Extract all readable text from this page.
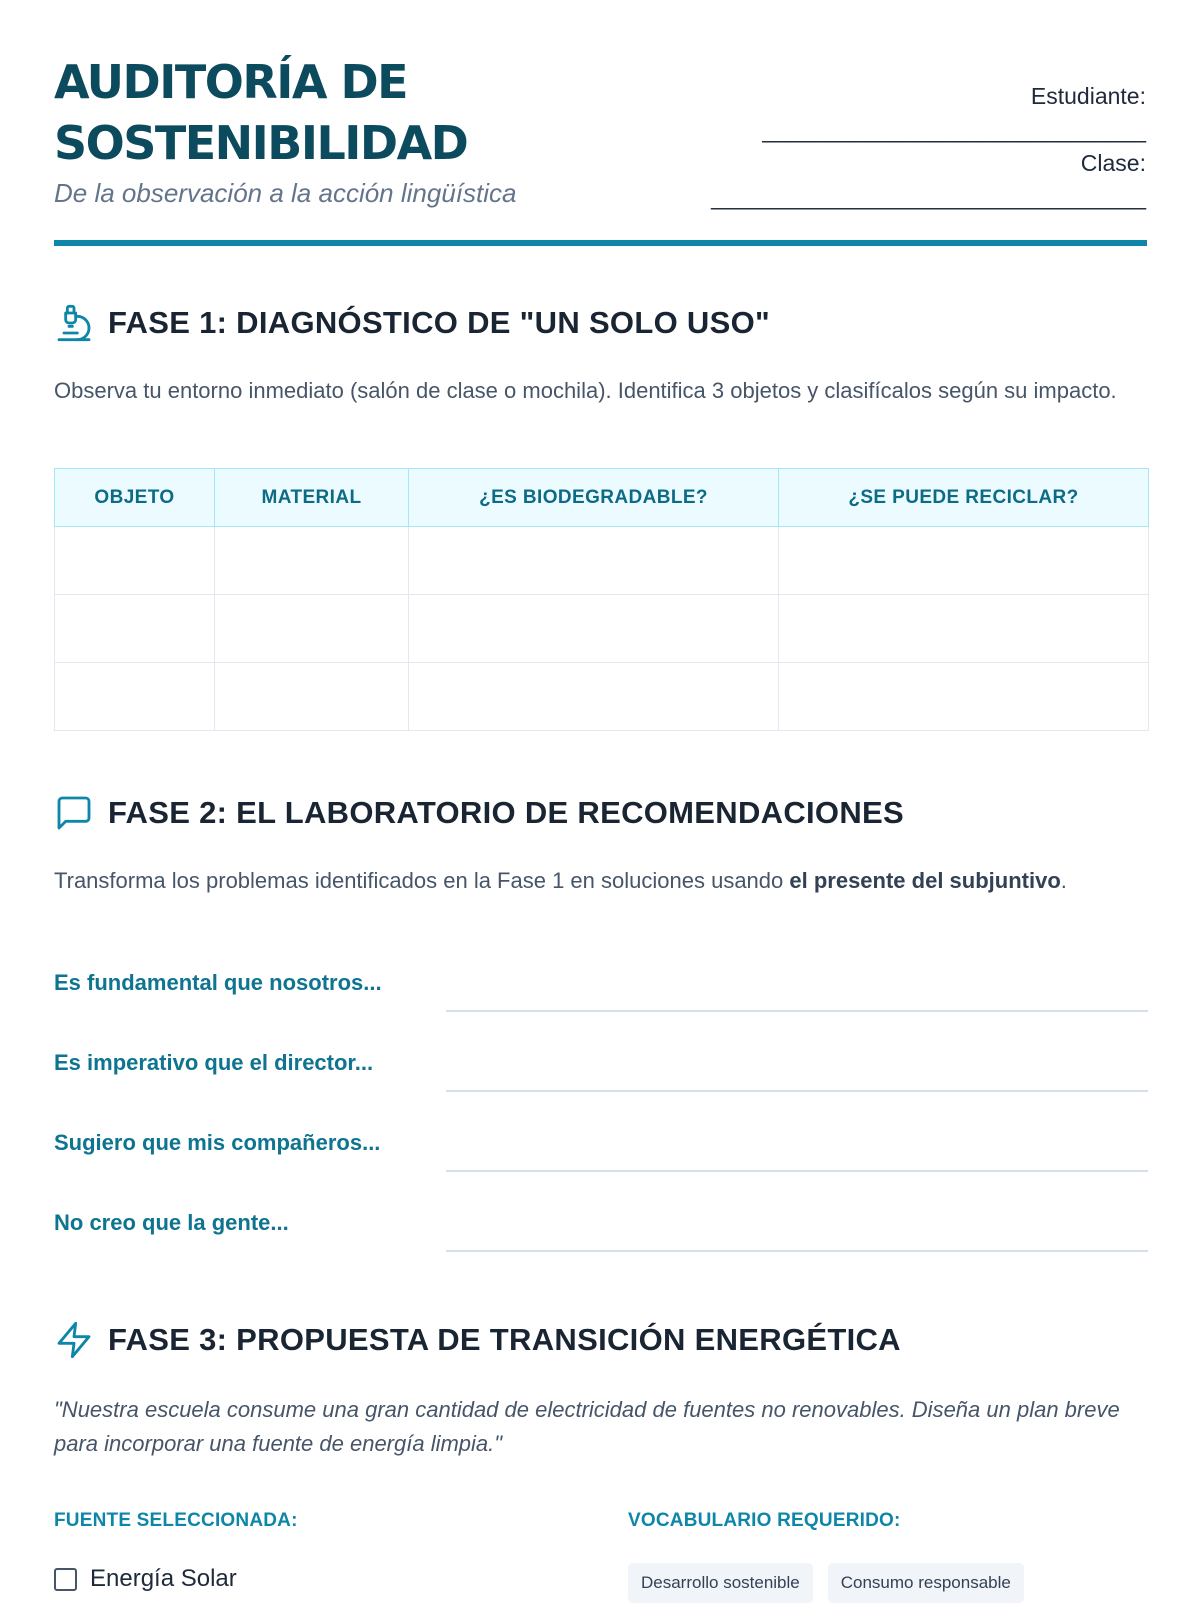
AUDITORÍA DE
SOSTENIBILIDAD
De la observación a la acción lingüística
Estudiante:
______________________________
Clase:
__________________________________
FASE 1: DIAGNÓSTICO DE "UN SOLO USO"
Observa tu entorno inmediato (salón de clase o mochila). Identifica 3 objetos y clasifícalos según su impacto.
OBJETO	MATERIAL	¿ES BIODEGRADABLE?	¿SE PUEDE RECICLAR?

FASE 2: EL LABORATORIO DE RECOMENDACIONES
Transforma los problemas identificados en la Fase 1 en soluciones usando el presente del subjuntivo.
Es fundamental que nosotros...
Es imperativo que el director...
Sugiero que mis compañeros...
No creo que la gente...
FASE 3: PROPUESTA DE TRANSICIÓN ENERGÉTICA
"Nuestra escuela consume una gran cantidad de electricidad de fuentes no renovables. Diseña un plan breve para incorporar una fuente de energía limpia."
FUENTE SELECCIONADA:	VOCABULARIO REQUERIDO:
Energía Solar	Desarrollo sostenible	Consumo responsable
